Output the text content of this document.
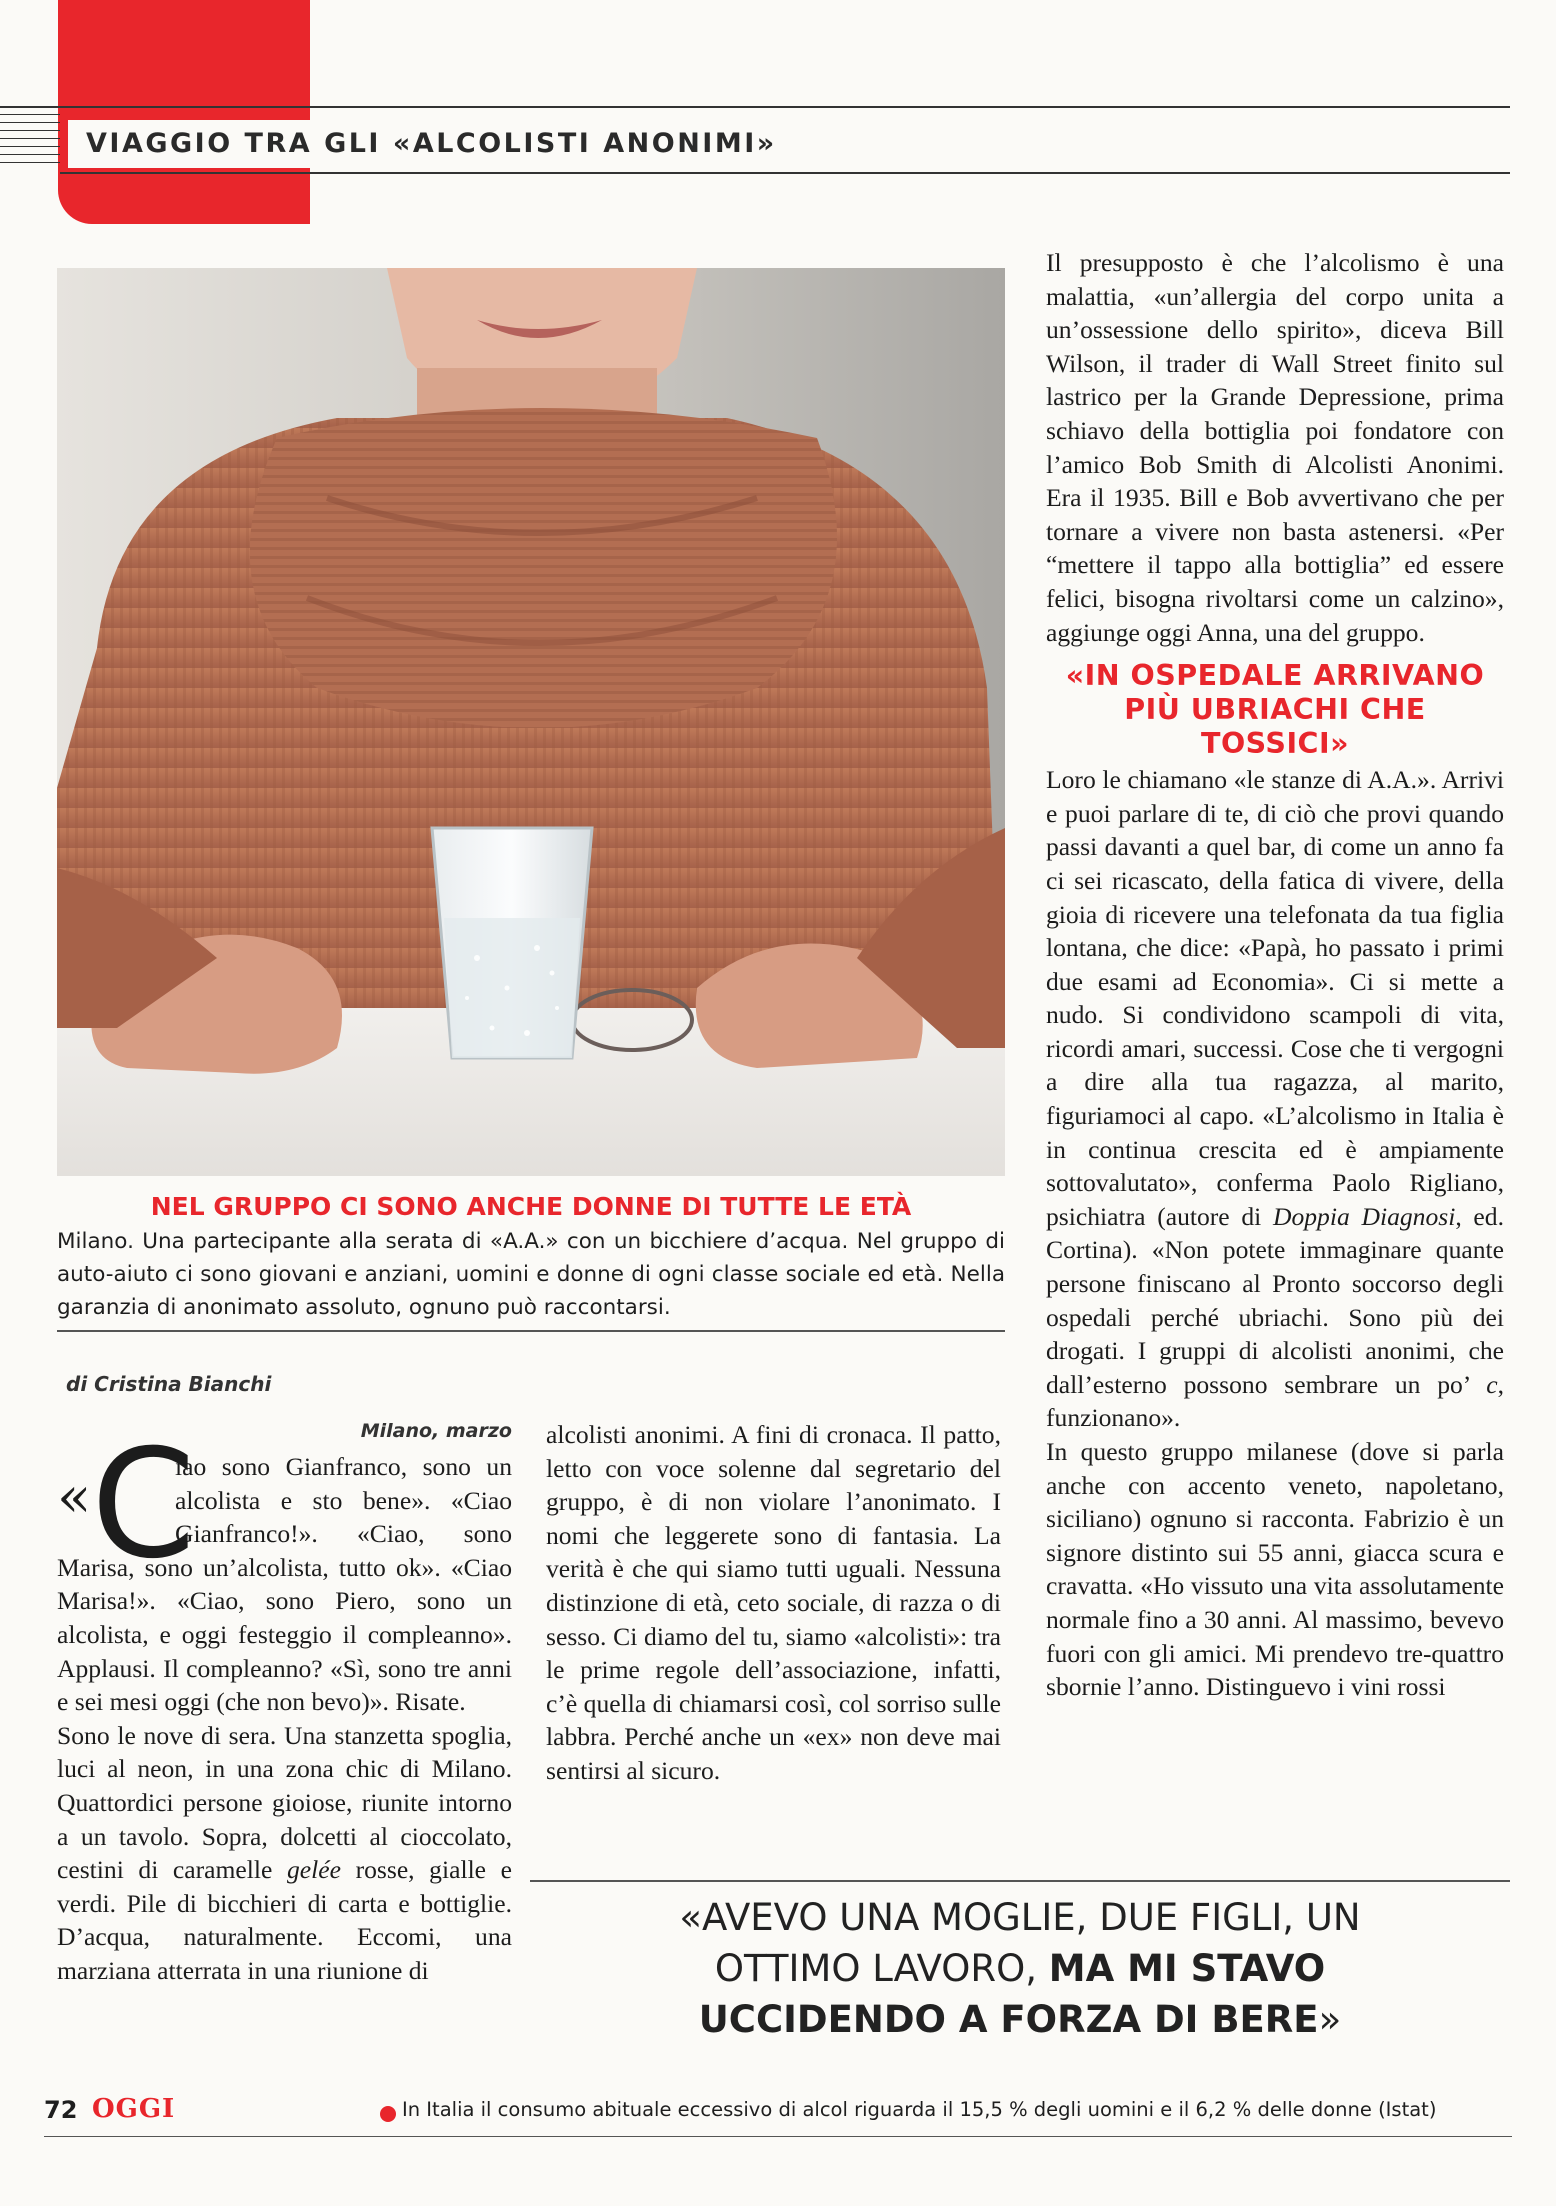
VIAGGIO TRA GLI «ALCOLISTI ANONIMI»
NEL GRUPPO CI SONO ANCHE DONNE DI TUTTE LE ETÀ
Milano. Una partecipante alla serata di «A.A.» con un bicchiere d’acqua. Nel gruppo di auto-aiuto ci sono giovani e anziani, uomini e donne di ogni classe sociale ed età. Nella garanzia di anonimato assoluto, ognuno può raccontarsi.
di Cristina Bianchi
Milano, marzo

« C
iao sono Gianfranco, sono un alcolista e sto bene». «Ciao Gianfranco!». «Ciao, sono Marisa, sono un’alcolista, tutto ok». «Ciao Marisa!». «Ciao, sono Piero, sono un alcolista, e oggi festeggio il compleanno». Applausi. Il compleanno? «Sì, sono tre anni e sei mesi oggi (che non bevo)». Risate.

Sono le nove di sera. Una stanzetta spoglia, luci al neon, in una zona chic di Milano. Quattordici persone gioiose, riunite intorno a un tavolo. Sopra, dolcetti al cioccolato, cestini di caramelle gelée rosse, gialle e verdi. Pile di bicchieri di carta e bottiglie. D’acqua, naturalmente. Eccomi, una marziana atterrata in una riunione di

alcolisti anonimi. A fini di cronaca. Il patto, letto con voce solenne dal segretario del gruppo, è di non violare l’anonimato. I nomi che leggerete sono di fantasia. La verità è che qui siamo tutti uguali. Nessuna distinzione di età, ceto sociale, di razza o di sesso. Ci diamo del tu, siamo «alcolisti»: tra le prime regole dell’associazione, infatti, c’è quella di chiamarsi così, col sorriso sulle labbra. Perché anche un «ex» non deve mai sentirsi al sicuro.

Il presupposto è che l’alcolismo è una malattia, «un’allergia del corpo unita a un’ossessione dello spirito», diceva Bill Wilson, il trader di Wall Street finito sul lastrico per la Grande Depressione, prima schiavo della bottiglia poi fondatore con l’amico Bob Smith di Alcolisti Anonimi. Era il 1935. Bill e Bob avvertivano che per tornare a vivere non basta astenersi. «Per “mettere il tappo alla bottiglia” ed essere felici, bisogna rivoltarsi come un calzino», aggiunge oggi Anna, una del gruppo.

«IN OSPEDALE ARRIVANO
PIÙ UBRIACHI CHE TOSSICI»

Loro le chiamano «le stanze di A.A.». Arrivi e puoi parlare di te, di ciò che provi quando passi davanti a quel bar, di come un anno fa ci sei ricascato, della fatica di vivere, della gioia di ricevere una telefonata da tua figlia lontana, che dice: «Papà, ho passato i primi due esami ad Economia». Ci si mette a nudo. Si condividono scampoli di vita, ricordi amari, successi. Cose che ti vergogni a dire alla tua ragazza, al marito, figuriamoci al capo. «L’alcolismo in Italia è in continua crescita ed è ampiamente sottovalutato», conferma Paolo Rigliano, psichiatra (autore di Doppia Diagnosi, ed. Cortina). «Non potete immaginare quante persone finiscano al Pronto soccorso degli ospedali perché ubriachi. Sono più dei drogati. I gruppi di alcolisti anonimi, che dall’esterno possono sembrare un po’ c, funzionano».

In questo gruppo milanese (dove si parla anche con accento veneto, napoletano, siciliano) ognuno si racconta. Fabrizio è un signore distinto sui 55 anni, giacca scura e cravatta. «Ho vissuto una vita assolutamente normale fino a 30 anni. Al massimo, bevevo fuori con gli amici. Mi prendevo tre-quattro sbornie l’anno. Distinguevo i vini rossi

«AVEVO UNA MOGLIE, DUE FIGLI, UN
OTTIMO LAVORO, MA MI STAVO
UCCIDENDO A FORZA DI BERE»
72 OGGI	In Italia il consumo abituale eccessivo di alcol riguarda il 15,5 % degli uomini e il 6,2 % delle donne (Istat)
